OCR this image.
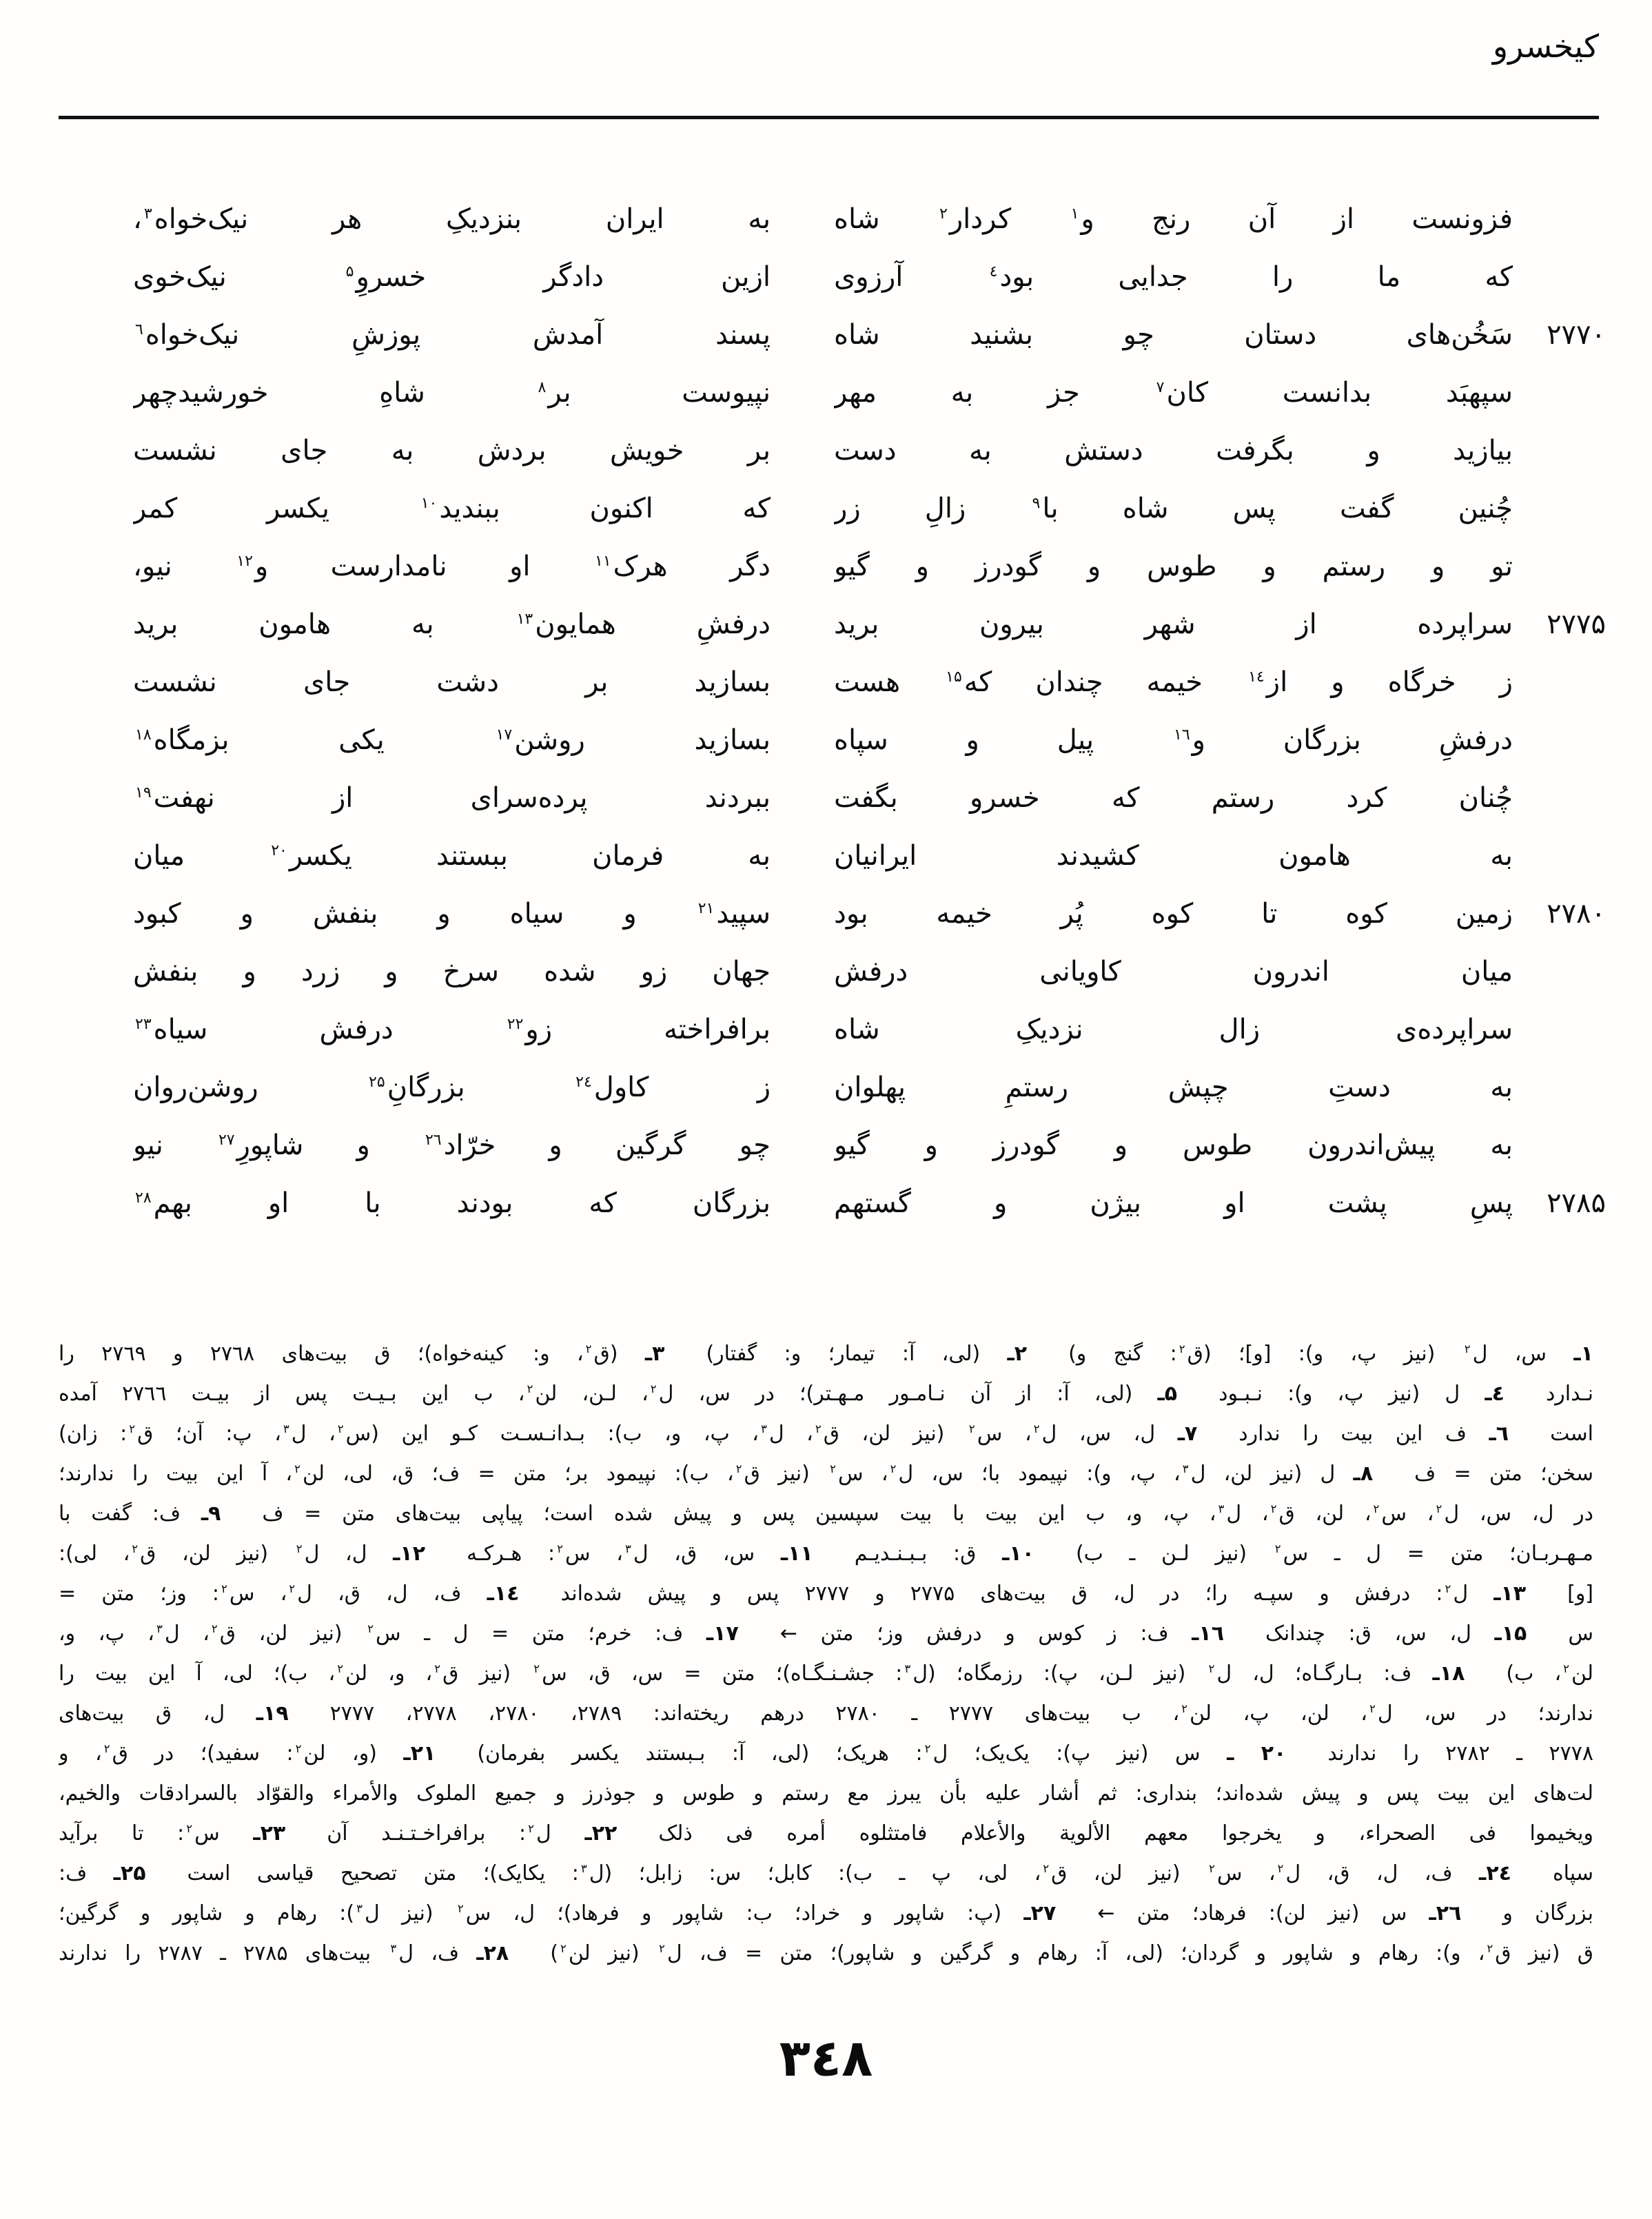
کیخسرو
فزونست از آن رنج و$^۱$ کردار$^۲$ شاه
به ایران بنزدیکِ هر نیک‌خواه$^۳$،
که ما را جدایی بود$^٤$ آرزوی
ازین دادگر خسروِ$^۵$ نیک‌خوی
۲۷۷۰
سَخُن‌های دستان چو بشنید شاه
پسند آمدش پوزشِ نیک‌خواه$^٦$
سپهبَد بدانست کان$^۷$ جز به مهر
نپیوست بر$^۸$ شاهِ خورشیدچهر
بیازید و بگرفت دستش به دست
بر خویش بردش به جای نشست
چُنین گفت پس شاه با$^۹$ زالِ زر
که اکنون ببندید$^{۱۰}$ یکسر کمر
تو و رستم و طوس و گودرز و گیو
دگر هرک$^{۱۱}$ او نامدارست و$^{۱۲}$ نیو،
۲۷۷۵
سراپرده از شهر بیرون برید
درفشِ همایون$^{۱۳}$ به هامون برید
ز خرگاه و از$^{۱٤}$ خیمه چندان که$^{۱۵}$ هست
بسازید بر دشت جای نشست
درفشِ بزرگان و$^{۱٦}$ پیل و سپاه
بسازید روشن$^{۱۷}$ یکی بزمگاه$^{۱۸}$
چُنان کرد رستم که خسرو بگفت
ببردند پرده‌سرای از نهفت$^{۱۹}$
به هامون کشیدند ایرانیان
به فرمان ببستند یکسر$^{۲۰}$ میان
۲۷۸۰
زمین کوه تا کوه پُر خیمه بود
سپید$^{۲۱}$ و سیاه و بنفش و کبود
میان اندرون کاویانی درفش
جهان زو شده سرخ و زرد و بنفش
سراپرده‌ی زال نزدیکِ شاه
برافراخته زو$^{۲۲}$ درفش سیاه$^{۲۳}$
به دستِ چپش رستمِ پهلوان
ز کاول$^{۲٤}$ بزرگانِ$^{۲۵}$ روشن‌روان
به پیش‌اندرون طوس و گودرز و گیو
چو گرگین و خرّاد$^{۲٦}$ و شاپورِ$^{۲۷}$ نیو
۲۷۸۵
پسِ پشت او بیژن و گستهم
بزرگان که بودند با او بهم$^{۲۸}$
۱ـ س، ل$^۲$ (نیز پ، و): [و]؛ (ق$^۲$: گنج و)  ۲ـ (لی، آ: تیمار؛ و: گفتار)  ۳ـ (ق$^۲$، و: کینه‌خواه)؛ ق بیت‌های ۲۷٦۸ و ۲۷٦۹ را
نـدارد  ٤ـ ل (نیز پ، و): نـبـود  ۵ـ (لی، آ: از آن نـامـور مـهـتر)؛ در س، ل$^۲$، لـن، لن$^۲$، ب این بـیـت پس از بیـت ۲۷٦٦ آمده
است  ٦ـ ف این بیت را ندارد  ۷ـ ل، س، ل$^۲$، س$^۲$ (نیز لن، ق$^۲$، ل$^۳$، پ، و، ب): بـدانـسـت کـو این (س$^۲$، ل$^۳$، پ: آن؛ ق$^۲$: زان)
سخن؛ متن = ف  ۸ـ ل (نیز لن، ل$^۳$، پ، و): نپیمود با؛ س، ل$^۲$، س$^۲$ (نیز ق$^۲$، ب): نپیمود بر؛ متن = ف؛ ق، لی، لن$^۲$، آ این بیت را ندارند؛
در ل، س، ل$^۲$، س$^۲$، لن، ق$^۲$، ل$^۳$، پ، و، ب این بیت با بیت سپسین پس و پیش شده است؛ پیاپی بیت‌های متن = ف  ۹ـ ف: گفت با
مـهـربـان؛ متن = ل ـ س$^۲$ (نیز لـن ـ ب)  ۱۰ـ ق: بـبـنـدیـم  ۱۱ـ س، ق، ل$^۳$، س$^۲$: هـرکـه  ۱۲ـ ل، ل$^۲$ (نیز لن، ق$^۲$، لی):
[و]  ۱۳ـ ل$^۲$: درفش و سپـه را؛ در ل، ق بیت‌های ۲۷۷۵ و ۲۷۷۷ پس و پیش شده‌اند  ۱٤ـ ف، ل، ق، ل$^۲$، س$^۲$: وز؛ متن =
س  ۱۵ـ ل، س، ق: چندانک  ۱٦ـ ف: ز کوس و درفش وز؛ متن ←  ۱۷ـ ف: خرم؛ متن = ل ـ س$^۲$ (نیز لن، ق$^۲$، ل$^۳$، پ، و،
لن$^۲$، ب)  ۱۸ـ ف: بـارگـاه؛ ل، ل$^۲$ (نیز لـن، پ): رزمگاه؛ (ل$^۳$: جشـنـگـاه)؛ متن = س، ق، س$^۲$ (نیز ق$^۲$، و، لن$^۲$، ب)؛ لی، آ این بیت را
ندارند؛ در س، ل$^۲$، لن، پ، لن$^۲$، ب بیت‌های ۲۷۷۷ ـ ۲۷۸۰ درهم ریخته‌اند: ۲۷۸۹، ۲۷۸۰، ۲۷۷۸، ۲۷۷۷  ۱۹ـ ل، ق بیت‌های
۲۷۷۸ ـ ۲۷۸۲ را ندارند  ۲۰ ـ س (نیز پ): یک‌یک؛ ل$^۲$: هریک؛ (لی، آ: بـبستند یکسر بفرمان)  ۲۱ـ (و، لن$^۲$: سفید)؛ در ق$^۲$، و
لت‌های این بیت پس و پیش شده‌اند؛ بنداری: ثم أشار علیه بأن یبرز مع رستم و طوس و جوذرز و جمیع الملوک والأمراء والقوّاد بالسرادقات والخیم،
ویخیموا فی الصحراء، و یخرجوا معهم الألویة والأعلام فامتثلوه أمره فی ذلک  ۲۲ـ ل$^۲$: برافراخـتـنـد آن  ۲۳ـ س$^۲$: تا برآید
سپاه  ۲٤ـ ف، ل، ق، ل$^۲$، س$^۲$ (نیز لن، ق$^۲$، لی، پ ـ ب): کابل؛ س: زابل؛ (ل$^۳$: یکایک)؛ متن تصحیح قیاسی است  ۲۵ـ ف:
بزرگان و  ۲٦ـ س (نیز لن): فرهاد؛ متن ←  ۲۷ـ (پ: شاپور و خراد؛ ب: شاپور و فرهاد)؛ ل، س$^۲$ (نیز ل$^۳$): رهام و شاپور و گرگین؛
ق (نیز ق$^۲$، و): رهام و شاپور و گردان؛ (لی، آ: رهام و گرگین و شاپور)؛ متن = ف، ل$^۲$ (نیز لن$^۲$)  ۲۸ـ ف، ل$^۳$ بیت‌های ۲۷۸۵ ـ ۲۷۸۷ را ندارند
۳٤۸
